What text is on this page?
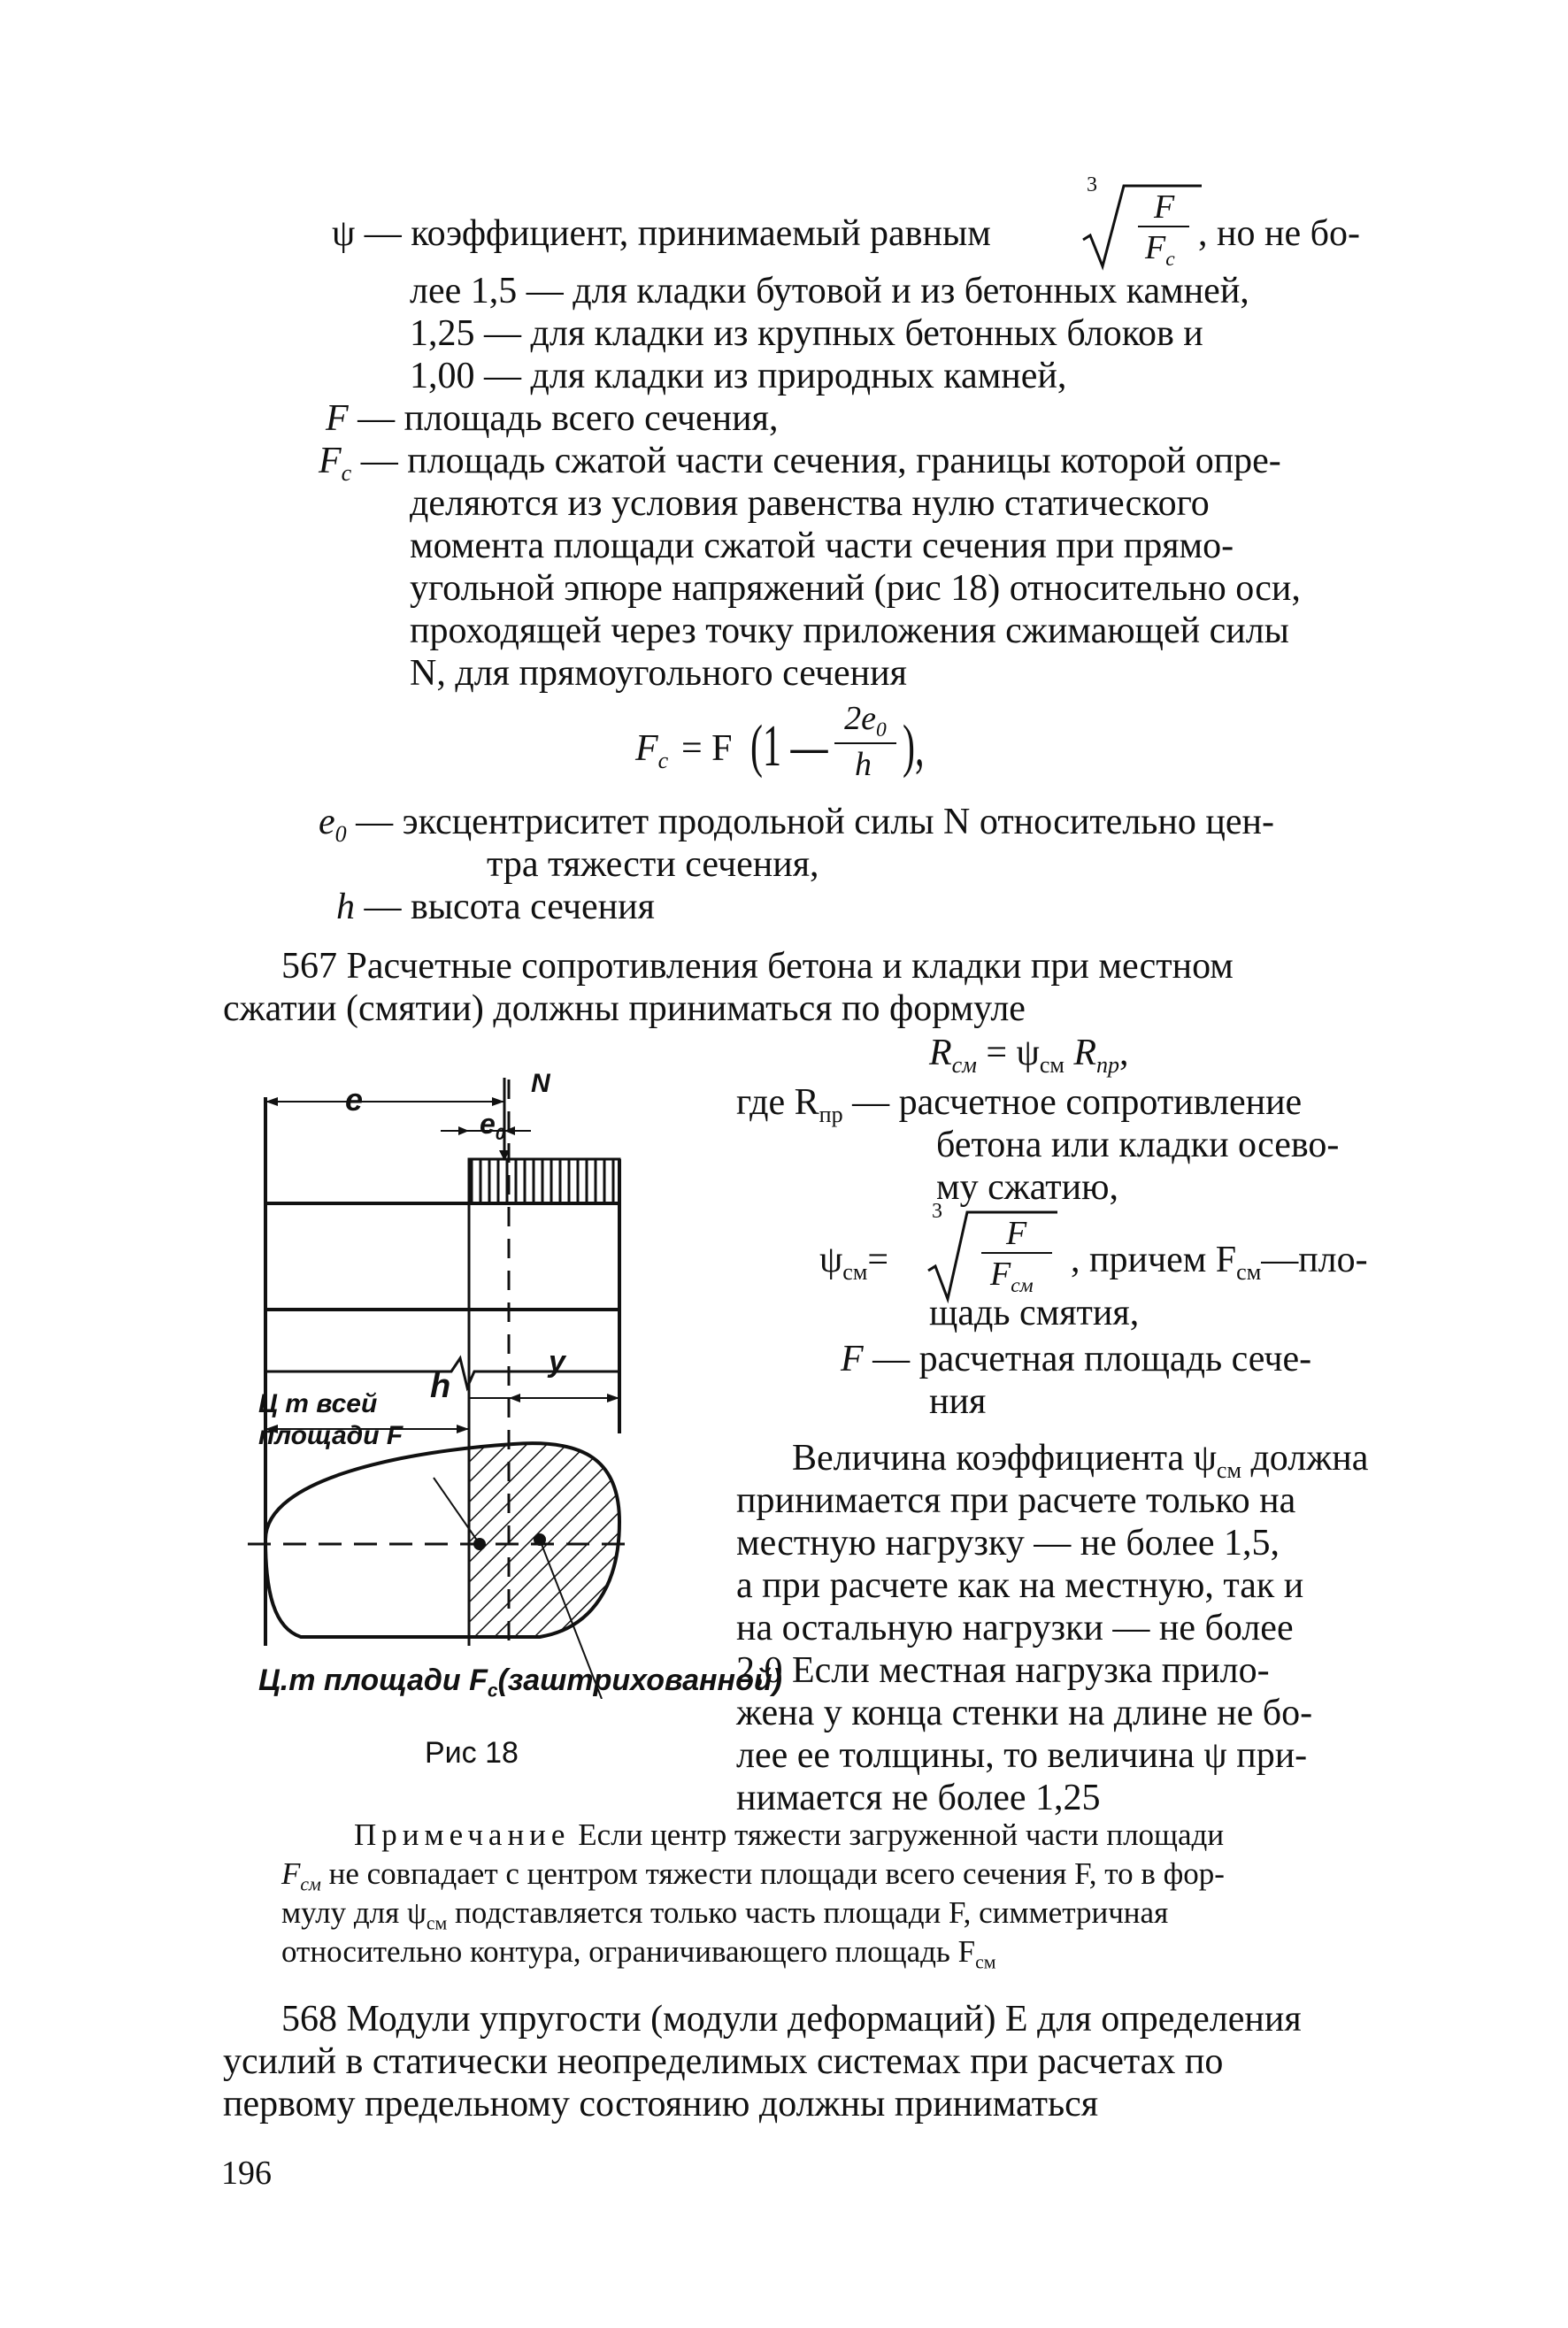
ψ — коэффициент, принимаемый равным
3
F
$F_с$
, но не бо-
лее 1,5 — для кладки бутовой и из бетонных камней,
1,25 — для кладки из крупных бетонных блоков и
1,00 — для кладки из природных камней,
F — площадь всего сечения,
$F_с$ — площадь сжатой части сечения, границы которой опре-
деляются из условия равенства нулю статического
момента площади сжатой части сечения при прямо-
угольной эпюре напряжений (рис 18) относительно оси,
проходящей через точку приложения сжимающей силы
N, для прямоугольного сечения
$F_с = F$ (1 — $2e_0$
h ),
$e_0$ — эксцентриситет продольной силы N относительно цен-
тра тяжести сечения,
h — высота сечения
567 Расчетные сопротивления бетона и кладки при местном
сжатии (смятии) должны приниматься по формуле
$R_{см} = \psi_{см}$ $R_{пр}$,
где $R_{пр}$ — расчетное сопротивление
бетона или кладки осево-
му сжатию,
$\psi_{см}=$
3
F
$F_{см}$
, причем $F_{см}—пло-$
щадь смятия,
F — расчетная площадь сече-
ния
Величина коэффициента $\psi_{см}$ должна
принимается при расчете только на
местную нагрузку — не более 1,5,
а при расчете как на местную, так и
на остальную нагрузки — не более
2,0 Если местная нагрузка прило-
жена у конца стенки на длине не бо-
лее ее толщины, то величина ψ при-
нимается не более 1,25
e	N
$e_0$
h
y
Ц т всей
площади F
Ц.т площади $F_с(заштрихованной)$
Рис 18
Примечание Если центр тяжести загруженной части площади
$F_{см}$ не совпадает с центром тяжести площади всего сечения F, то в фор-
мулу для $\psi_{см}$ подставляется только часть площади F, симметричная
относительно контура, ограничивающего площадь $F_{см}$
568 Модули упругости (модули деформаций) E для определения
усилий в статически неопределимых системах при расчетах по
первому предельному состоянию должны приниматься
196
